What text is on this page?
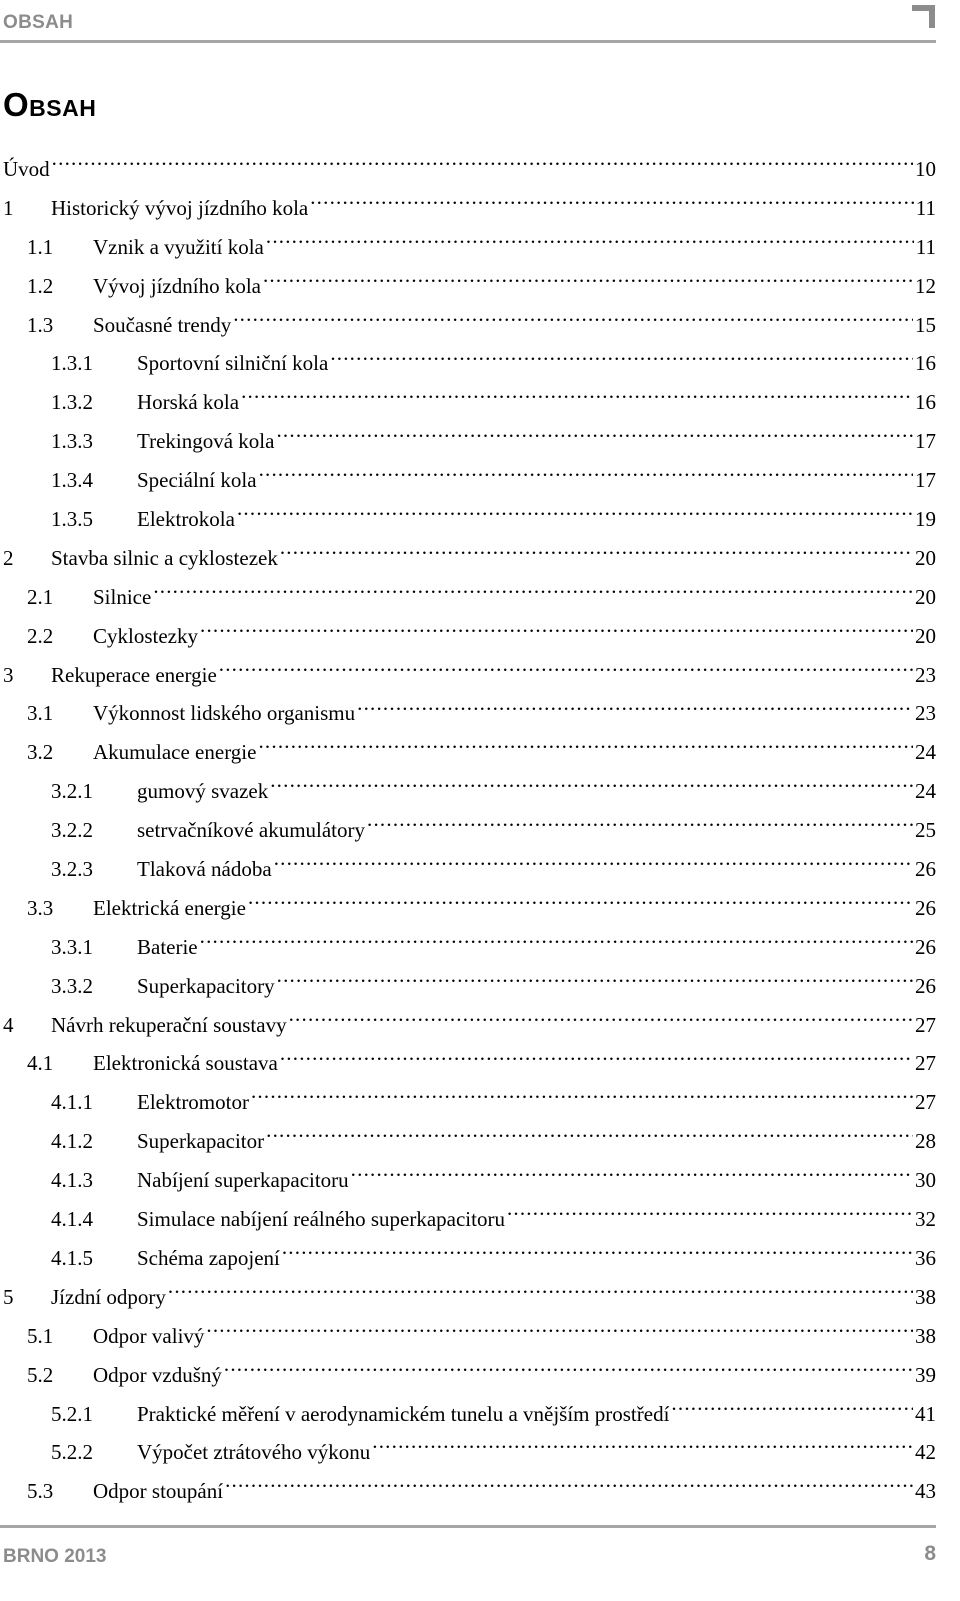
OBSAH
Obsah
Úvod .....	10
1	Historický vývoj jízdního kola .....	11
1.1	Vznik a využití kola .....	11
1.2	Vývoj jízdního kola .....	12
1.3	Současné trendy .....	15
1.3.1	Sportovní silniční kola .....	16
1.3.2	Horská kola .....	16
1.3.3	Trekingová kola .....	17
1.3.4	Speciální kola .....	17
1.3.5	Elektrokola .....	19
2	Stavba silnic a cyklostezek .....	20
2.1	Silnice .....	20
2.2	Cyklostezky .....	20
3	Rekuperace energie .....	23
3.1	Výkonnost lidského organismu .....	23
3.2	Akumulace energie .....	24
3.2.1	gumový svazek .....	24
3.2.2	setrvačníkové akumulátory .....	25
3.2.3	Tlaková nádoba .....	26
3.3	Elektrická energie .....	26
3.3.1	Baterie .....	26
3.3.2	Superkapacitory .....	26
4	Návrh rekuperační soustavy .....	27
4.1	Elektronická soustava .....	27
4.1.1	Elektromotor .....	27
4.1.2	Superkapacitor .....	28
4.1.3	Nabíjení superkapacitoru .....	30
4.1.4	Simulace nabíjení reálného superkapacitoru .....	32
4.1.5	Schéma zapojení .....	36
5	Jízdní odpory .....	38
5.1	Odpor valivý .....	38
5.2	Odpor vzdušný .....	39
5.2.1	Praktické měření v aerodynamickém tunelu a vnějším prostředí .....	41
5.2.2	Výpočet ztrátového výkonu .....	42
5.3	Odpor stoupání .....	43
BRNO 2013	8
